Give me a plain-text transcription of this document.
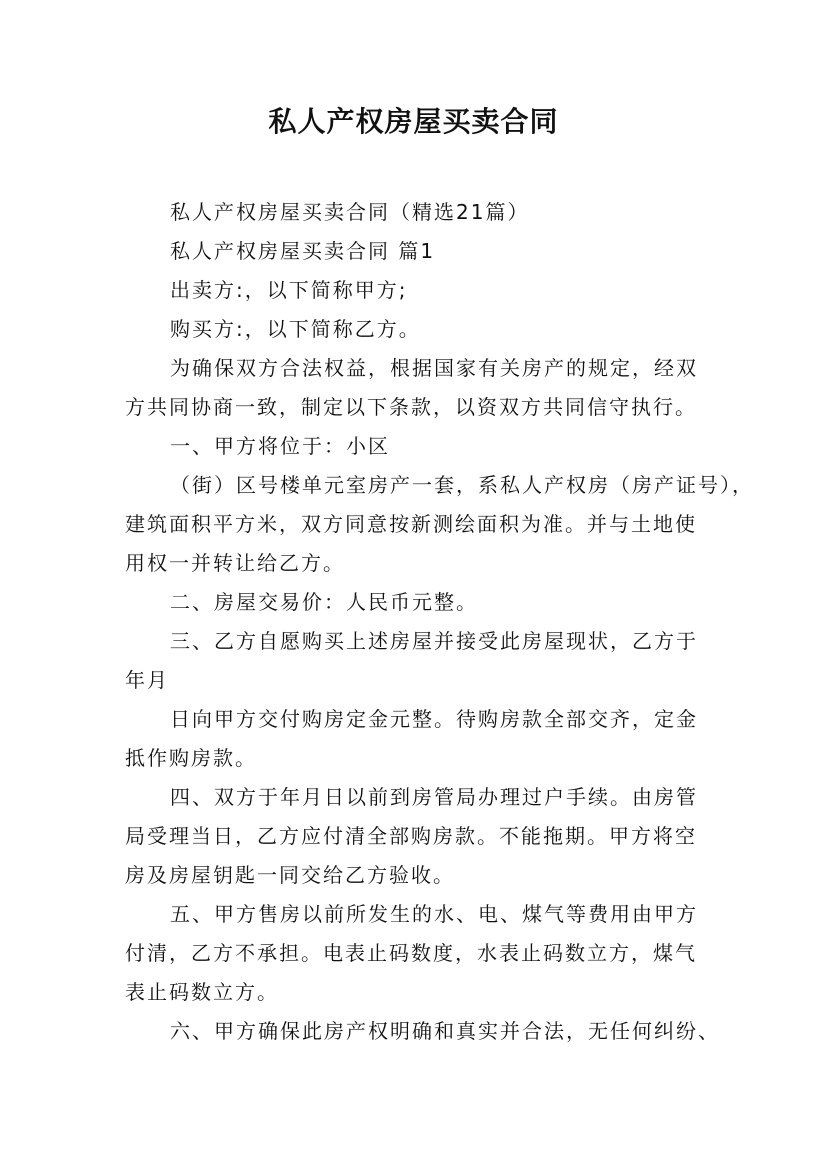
私人产权房屋买卖合同
私人产权房屋买卖合同（精选21篇）
私人产权房屋买卖合同 篇1
出卖方:，以下简称甲方;
购买方:，以下简称乙方。
为确保双方合法权益，根据国家有关房产的规定，经双
方共同协商一致，制定以下条款，以资双方共同信守执行。
一、甲方将位于：小区
（街）区号楼单元室房产一套，系私人产权房（房产证号），
建筑面积平方米，双方同意按新测绘面积为准。并与土地使
用权一并转让给乙方。
二、房屋交易价：人民币元整。
三、乙方自愿购买上述房屋并接受此房屋现状，乙方于
年月
日向甲方交付购房定金元整。待购房款全部交齐，定金
抵作购房款。
四、双方于年月日以前到房管局办理过户手续。由房管
局受理当日，乙方应付清全部购房款。不能拖期。甲方将空
房及房屋钥匙一同交给乙方验收。
五、甲方售房以前所发生的水、电、煤气等费用由甲方
付清，乙方不承担。电表止码数度，水表止码数立方，煤气
表止码数立方。
六、甲方确保此房产权明确和真实并合法，无任何纠纷、
